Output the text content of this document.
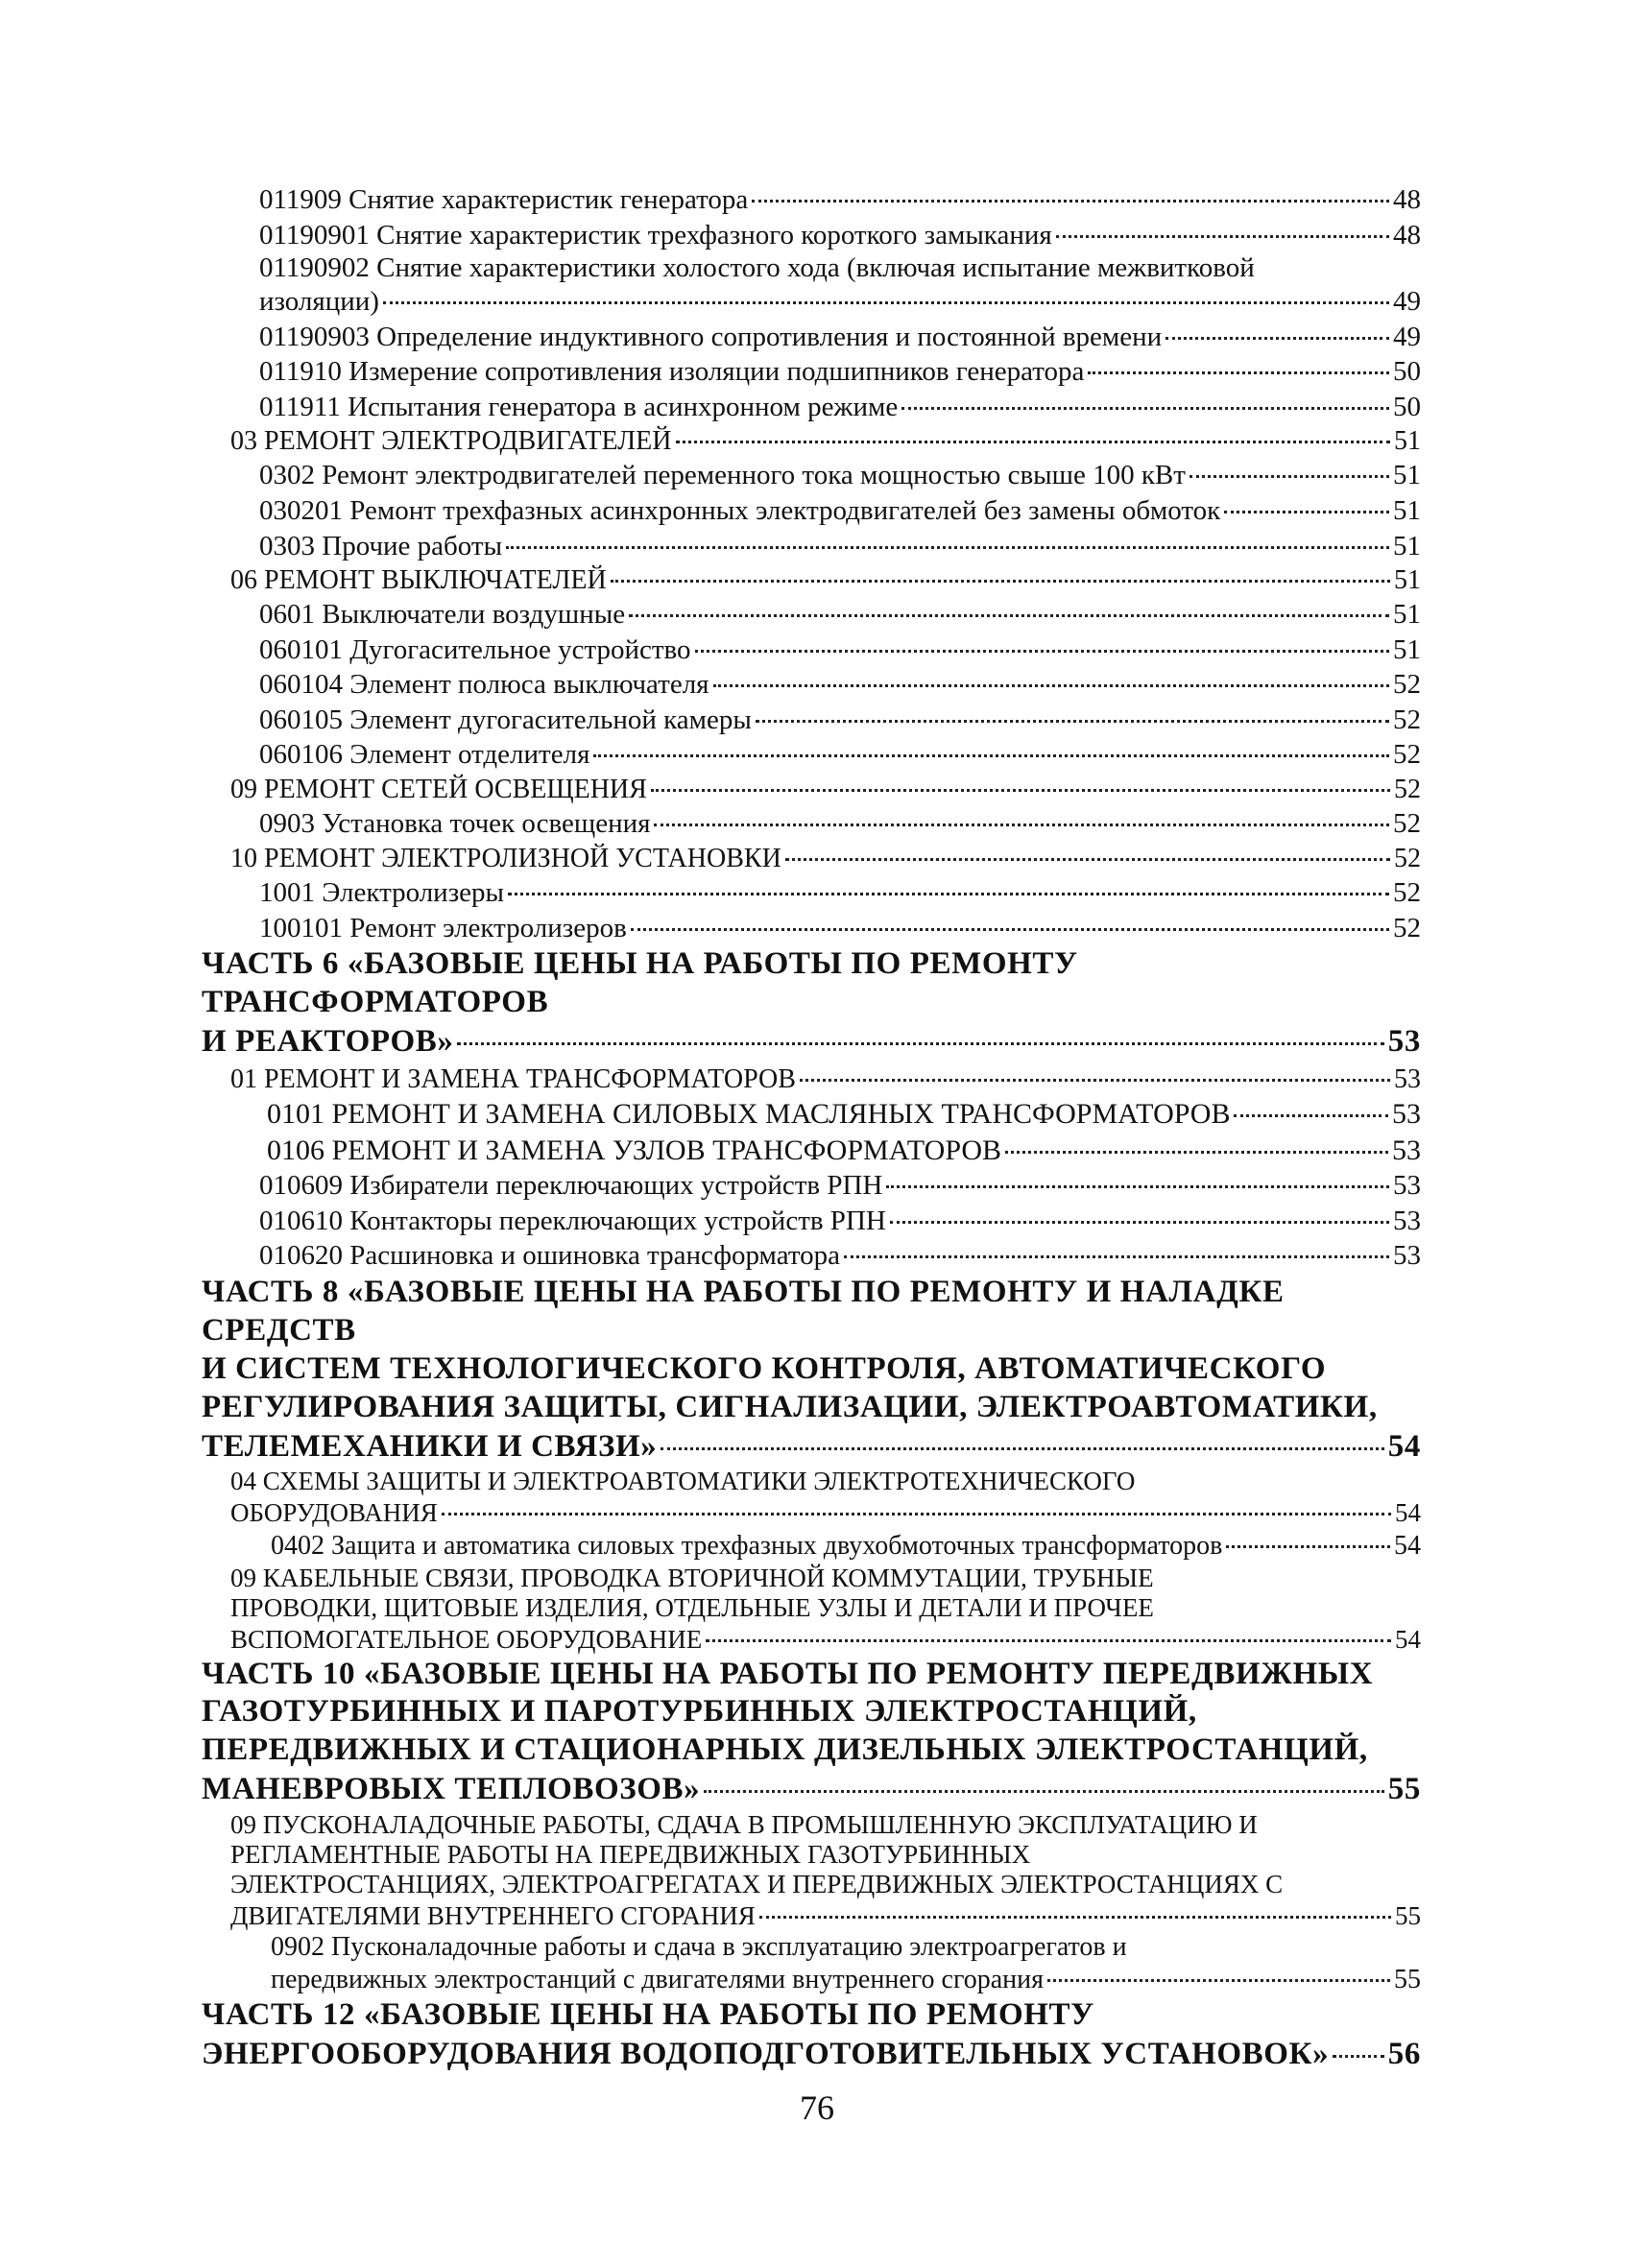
011909 Снятие характеристик генератора	48
01190901 Снятие характеристик трехфазного короткого замыкания	48
01190902 Снятие характеристики холостого хода (включая испытание межвитковой
изоляции)	49
01190903 Определение индуктивного сопротивления и постоянной времени	49
011910 Измерение сопротивления изоляции подшипников генератора	50
011911 Испытания генератора в асинхронном режиме	50
03 РЕМОНТ ЭЛЕКТРОДВИГАТЕЛЕЙ	51
0302 Ремонт электродвигателей переменного тока мощностью свыше 100 кВт	51
030201 Ремонт трехфазных асинхронных электродвигателей без замены обмоток	51
0303 Прочие работы	51
06 РЕМОНТ ВЫКЛЮЧАТЕЛЕЙ	51
0601 Выключатели воздушные	51
060101 Дугогасительное устройство	51
060104 Элемент полюса выключателя	52
060105 Элемент дугогасительной камеры	52
060106 Элемент отделителя	52
09 РЕМОНТ СЕТЕЙ ОСВЕЩЕНИЯ	52
0903 Установка точек освещения	52
10 РЕМОНТ ЭЛЕКТРОЛИЗНОЙ УСТАНОВКИ	52
1001 Электролизеры	52
100101 Ремонт электролизеров	52
ЧАСТЬ 6 «БАЗОВЫЕ ЦЕНЫ НА РАБОТЫ ПО РЕМОНТУ ТРАНСФОРМАТОРОВ
И РЕАКТОРОВ»	53
01 РЕМОНТ И ЗАМЕНА ТРАНСФОРМАТОРОВ	53
0101 РЕМОНТ И ЗАМЕНА СИЛОВЫХ МАСЛЯНЫХ ТРАНСФОРМАТОРОВ	53
0106 РЕМОНТ И ЗАМЕНА УЗЛОВ ТРАНСФОРМАТОРОВ	53
010609 Избиратели переключающих устройств РПН	53
010610 Контакторы переключающих устройств РПН	53
010620 Расшиновка и ошиновка трансформатора	53
ЧАСТЬ 8 «БАЗОВЫЕ ЦЕНЫ НА РАБОТЫ ПО РЕМОНТУ И НАЛАДКЕ СРЕДСТВ
И СИСТЕМ ТЕХНОЛОГИЧЕСКОГО КОНТРОЛЯ, АВТОМАТИЧЕСКОГО
РЕГУЛИРОВАНИЯ ЗАЩИТЫ, СИГНАЛИЗАЦИИ, ЭЛЕКТРОАВТОМАТИКИ,
ТЕЛЕМЕХАНИКИ И СВЯЗИ»	54
04 СХЕМЫ ЗАЩИТЫ И ЭЛЕКТРОАВТОМАТИКИ ЭЛЕКТРОТЕХНИЧЕСКОГО
ОБОРУДОВАНИЯ	54
0402 Защита и автоматика силовых трехфазных двухобмоточных трансформаторов	54
09 КАБЕЛЬНЫЕ СВЯЗИ, ПРОВОДКА ВТОРИЧНОЙ КОММУТАЦИИ, ТРУБНЫЕ
ПРОВОДКИ, ЩИТОВЫЕ ИЗДЕЛИЯ, ОТДЕЛЬНЫЕ УЗЛЫ И ДЕТАЛИ И ПРОЧЕЕ
ВСПОМОГАТЕЛЬНОЕ ОБОРУДОВАНИЕ	54
ЧАСТЬ 10 «БАЗОВЫЕ ЦЕНЫ НА РАБОТЫ ПО РЕМОНТУ ПЕРЕДВИЖНЫХ
ГАЗОТУРБИННЫХ И ПАРОТУРБИННЫХ ЭЛЕКТРОСТАНЦИЙ,
ПЕРЕДВИЖНЫХ И СТАЦИОНАРНЫХ ДИЗЕЛЬНЫХ ЭЛЕКТРОСТАНЦИЙ,
МАНЕВРОВЫХ ТЕПЛОВОЗОВ»	55
09 ПУСКОНАЛАДОЧНЫЕ РАБОТЫ, СДАЧА В ПРОМЫШЛЕННУЮ ЭКСПЛУАТАЦИЮ И
РЕГЛАМЕНТНЫЕ РАБОТЫ НА ПЕРЕДВИЖНЫХ ГАЗОТУРБИННЫХ
ЭЛЕКТРОСТАНЦИЯХ, ЭЛЕКТРОАГРЕГАТАХ И ПЕРЕДВИЖНЫХ ЭЛЕКТРОСТАНЦИЯХ С
ДВИГАТЕЛЯМИ ВНУТРЕННЕГО СГОРАНИЯ	55
0902 Пусконаладочные работы и сдача в эксплуатацию электроагрегатов и
передвижных электростанций с двигателями внутреннего сгорания	55
ЧАСТЬ 12 «БАЗОВЫЕ ЦЕНЫ НА РАБОТЫ ПО РЕМОНТУ
ЭНЕРГООБОРУДОВАНИЯ ВОДОПОДГОТОВИТЕЛЬНЫХ УСТАНОВОК» 56
76
